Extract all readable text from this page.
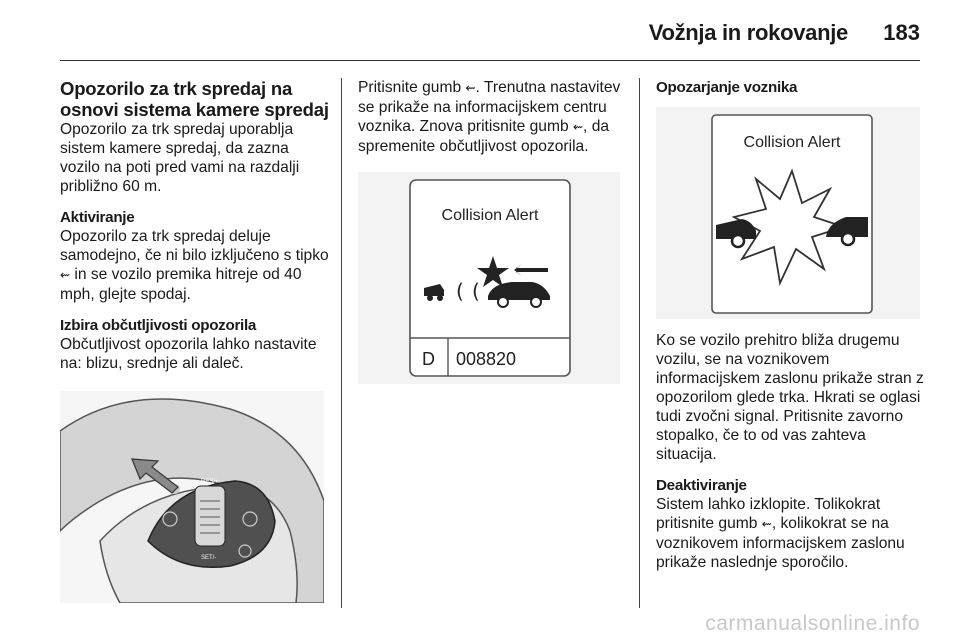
Vožnja in rokovanje 183
Opozorilo za trk spredaj na osnovi sistema kamere spredaj

Opozorilo za trk spredaj uporablja sistem kamere spredaj, da zazna vozilo na poti pred vami na razdalji približno 60 m.

Aktiviranje

Opozorilo za trk spredaj deluje samodejno, če ni bilo izključeno s tipko ⇜ in se vozilo premika hitreje od 40 mph, glejte spodaj.

Izbira občutljivosti opozorila

Občutljivost opozorila lahko nastavite na: blizu, srednje ali daleč.

RES/+
SET/-

Pritisnite gumb ⇜. Trenutna nastavitev se prikaže na informacijskem centru voznika. Znova pritisnite gumb ⇜, da spremenite občutljivost opozorila.

Collision Alert
( (
D 008820
Opozarjanje voznika
Collision Alert

Ko se vozilo prehitro bliža drugemu vozilu, se na voznikovem informacijskem zaslonu prikaže stran z opozorilom glede trka. Hkrati se oglasi tudi zvočni signal. Pritisnite zavorno stopalko, če to od vas zahteva situacija.

Deaktiviranje

Sistem lahko izklopite. Tolikokrat pritisnite gumb ⇜, kolikokrat se na voznikovem informacijskem zaslonu prikaže naslednje sporočilo.

carmanualsonline.info
